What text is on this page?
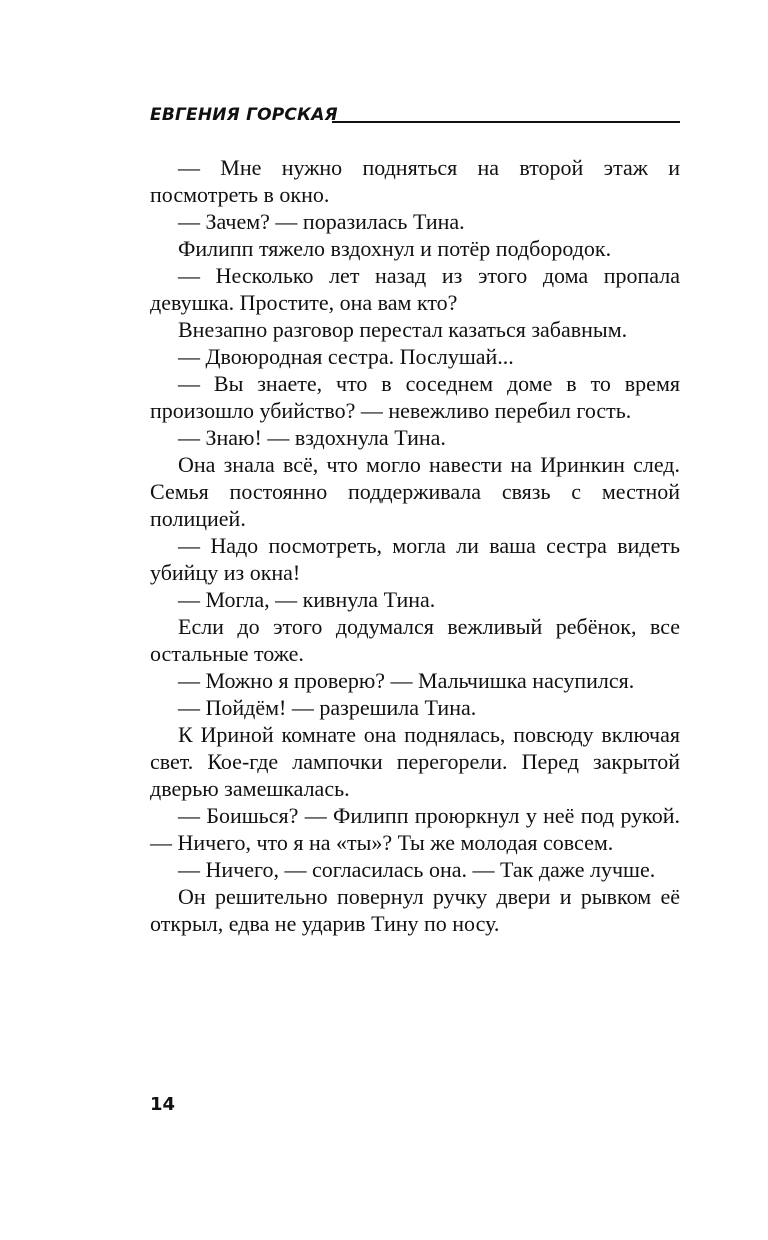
ЕВГЕНИЯ ГОРСКАЯ

— Мне нужно подняться на второй этаж и посмотреть в окно.

— Зачем? — поразилась Тина.

Филипп тяжело вздохнул и потёр подбородок.

— Несколько лет назад из этого дома пропала девушка. Простите, она вам кто?

Внезапно разговор перестал казаться забавным.

— Двоюродная сестра. Послушай...

— Вы знаете, что в соседнем доме в то время произошло убийство? — невежливо перебил гость.

— Знаю! — вздохнула Тина.

Она знала всё, что могло навести на Иринкин след. Семья постоянно поддерживала связь с местной полицией.

— Надо посмотреть, могла ли ваша сестра видеть убийцу из окна!

— Могла, — кивнула Тина.

Если до этого додумался вежливый ребёнок, все остальные тоже.

— Можно я проверю? — Мальчишка насупился.

— Пойдём! — разрешила Тина.

К Ириной комнате она поднялась, повсюду включая свет. Кое-где лампочки перегорели. Перед закрытой дверью замешкалась.

— Боишься? — Филипп проюркнул у неё под рукой. — Ничего, что я на «ты»? Ты же молодая совсем.

— Ничего, — согласилась она. — Так даже лучше.

Он решительно повернул ручку двери и рывком её открыл, едва не ударив Тину по носу.

14
